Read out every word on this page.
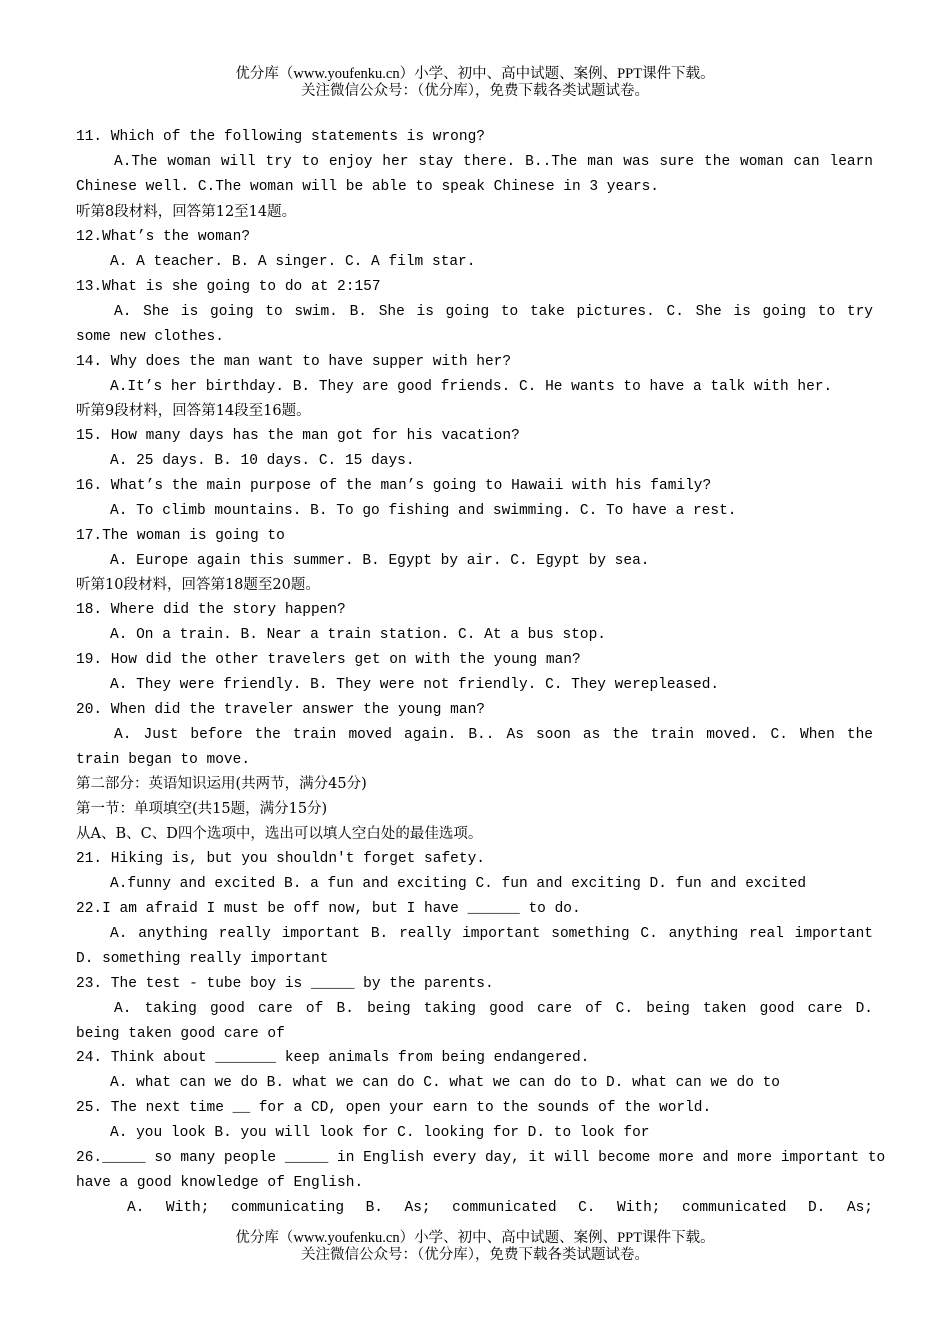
优分库（www.youfenku.cn）小学、初中、高中试题、案例、PPT课件下载。
关注微信公众号：（优分库），免费下载各类试题试卷。
11. Which of the following statements is wrong?
A.The woman will try to enjoy her stay there. B..The man was sure the woman can learn
Chinese well. C.The woman will be able to speak Chinese in 3 years.
听第8段材料，回答第12至14题。
12.What’s the woman?
A. A teacher. B. A singer. C. A film star.
13.What is she going to do at 2:157
A. She is going to swim. B. She is going to take pictures. C. She is going to try
some new clothes.
14. Why does the man want to have supper with her?
A.It’s her birthday. B. They are good friends. C. He wants to have a talk with her.
听第9段材料，回答第14段至16题。
15. How many days has the man got for his vacation?
A. 25 days. B. 10 days. C. 15 days.
16. What’s the main purpose of the man’s going to Hawaii with his family?
A. To climb mountains. B. To go fishing and swimming. C. To have a rest.
17.The woman is going to
A. Europe again this summer. B. Egypt by air. C. Egypt by sea.
听第10段材料，回答第18题至20题。
18. Where did the story happen?
A. On a train. B. Near a train station. C. At a bus stop.
19. How did the other travelers get on with the young man?
A. They were friendly. B. They were not friendly. C. They werepleased.
20. When did the traveler answer the young man?
A. Just before the train moved again. B.. As soon as the train moved. C. When the
train began to move.
第二部分：英语知识运用(共两节，满分45分)
第一节：单项填空(共15题，满分15分)
从A、B、C、D四个选项中，选出可以填人空白处的最佳选项。
21. Hiking is, but you shouldn't forget safety.
A.funny and excited B. a fun and exciting C. fun and exciting D. fun and excited
22.I am afraid I must be off now, but I have ______ to do.
A. anything really important B. really important something C. anything real important
D. something really important
23. The test - tube boy is _____ by the parents.
A. taking good care of B. being taking good care of C. being taken good care D.
being taken good care of
24. Think about _______ keep animals from being endangered.
A. what can we do B. what we can do C. what we can do to D. what can we do to
25. The next time __ for a CD, open your earn to the sounds of the world.
A. you look B. you will look for C. looking for D. to look for
26._____ so many people _____ in English every day, it will become more and more important to
have a good knowledge of English.
A. With; communicating B. As; communicated C. With; communicated D. As;
优分库（www.youfenku.cn）小学、初中、高中试题、案例、PPT课件下载。
关注微信公众号：（优分库），免费下载各类试题试卷。
